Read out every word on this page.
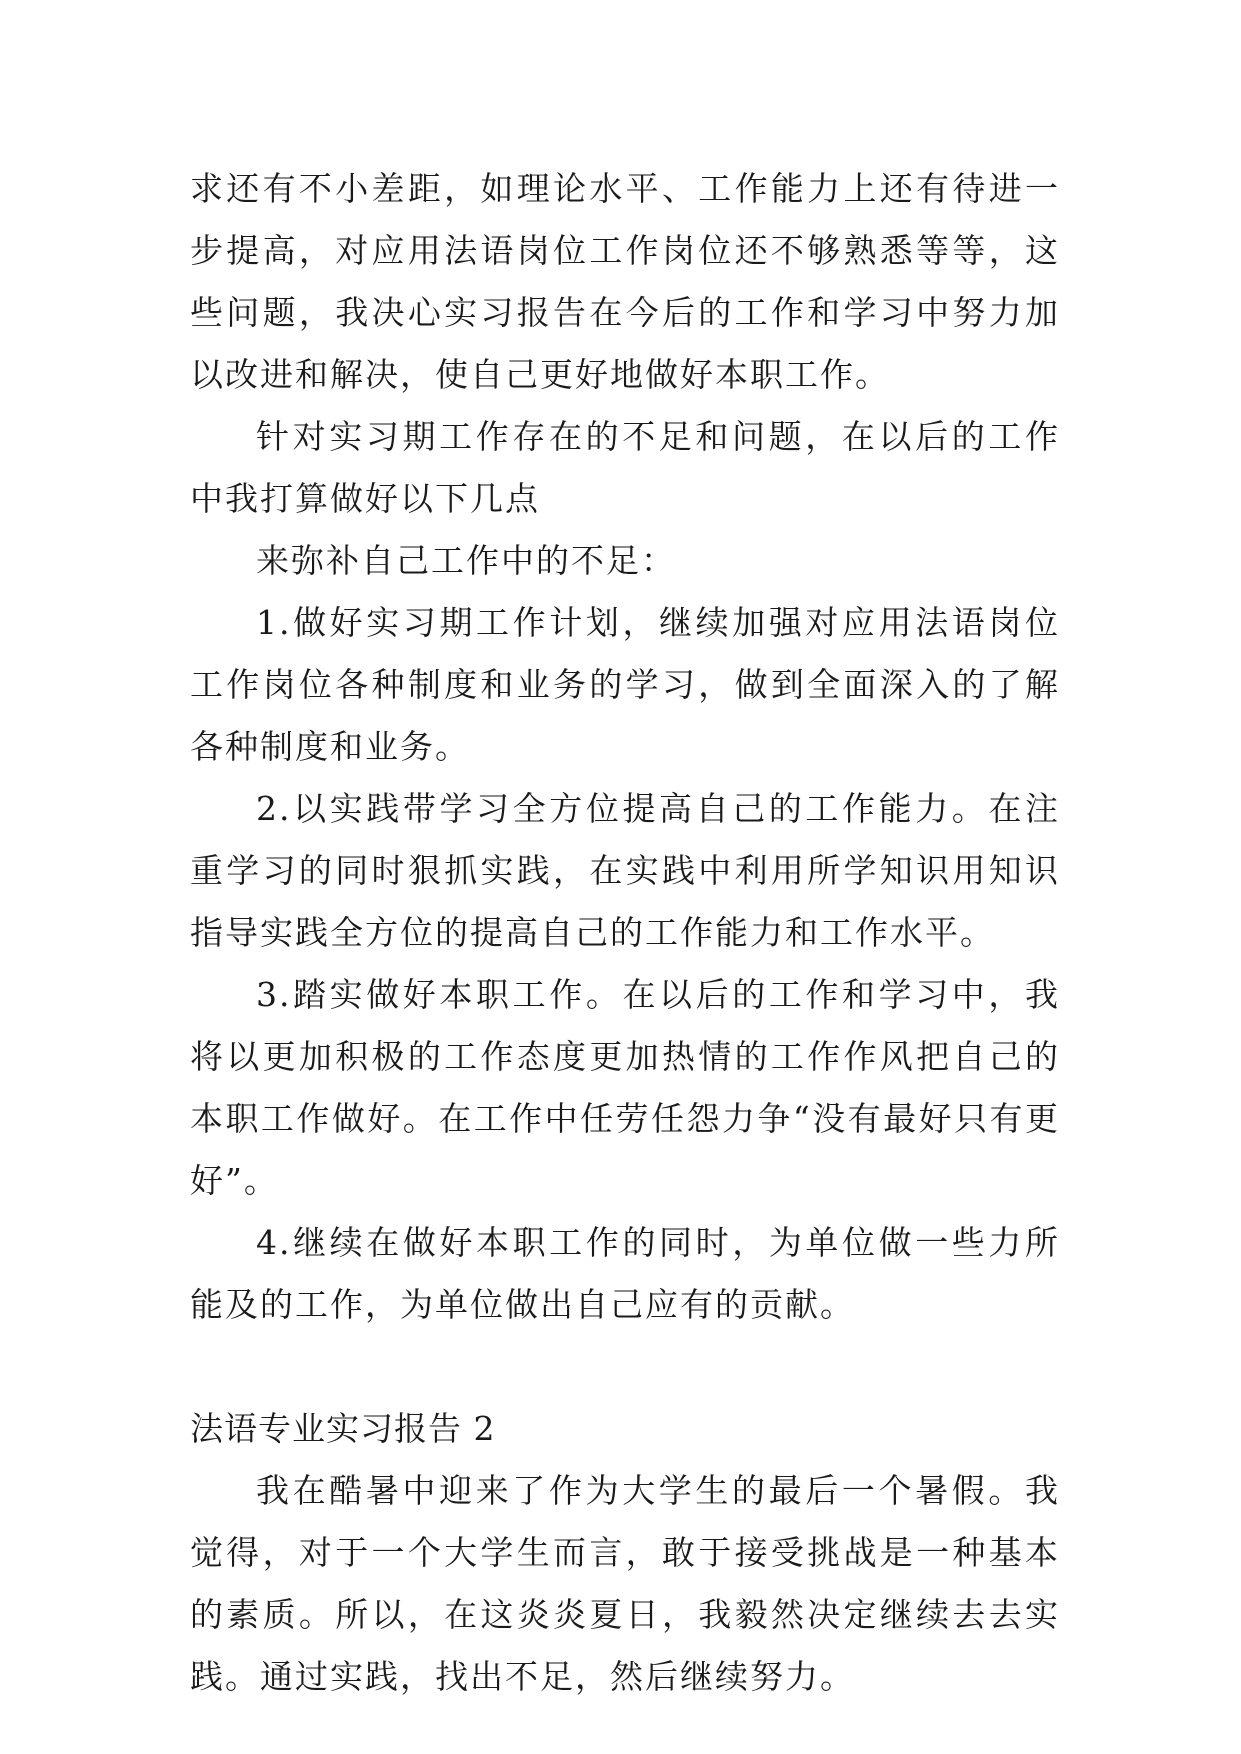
求还有不小差距，如理论水平、工作能力上还有待进一步提高，对应用法语岗位工作岗位还不够熟悉等等，这些问题，我决心实习报告在今后的工作和学习中努力加以改进和解决，使自己更好地做好本职工作。

针对实习期工作存在的不足和问题，在以后的工作中我打算做好以下几点

来弥补自己工作中的不足：

1.做好实习期工作计划，继续加强对应用法语岗位工作岗位各种制度和业务的学习，做到全面深入的了解各种制度和业务。

2.以实践带学习全方位提高自己的工作能力。在注重学习的同时狠抓实践，在实践中利用所学知识用知识指导实践全方位的提高自己的工作能力和工作水平。

3.踏实做好本职工作。在以后的工作和学习中，我将以更加积极的工作态度更加热情的工作作风把自己的本职工作做好。在工作中任劳任怨力争“没有最好只有更好”。

4.继续在做好本职工作的同时，为单位做一些力所能及的工作，为单位做出自己应有的贡献。

法语专业实习报告 2

我在酷暑中迎来了作为大学生的最后一个暑假。我觉得，对于一个大学生而言，敢于接受挑战是一种基本的素质。所以，在这炎炎夏日，我毅然决定继续去去实践。通过实践，找出不足，然后继续努力。
